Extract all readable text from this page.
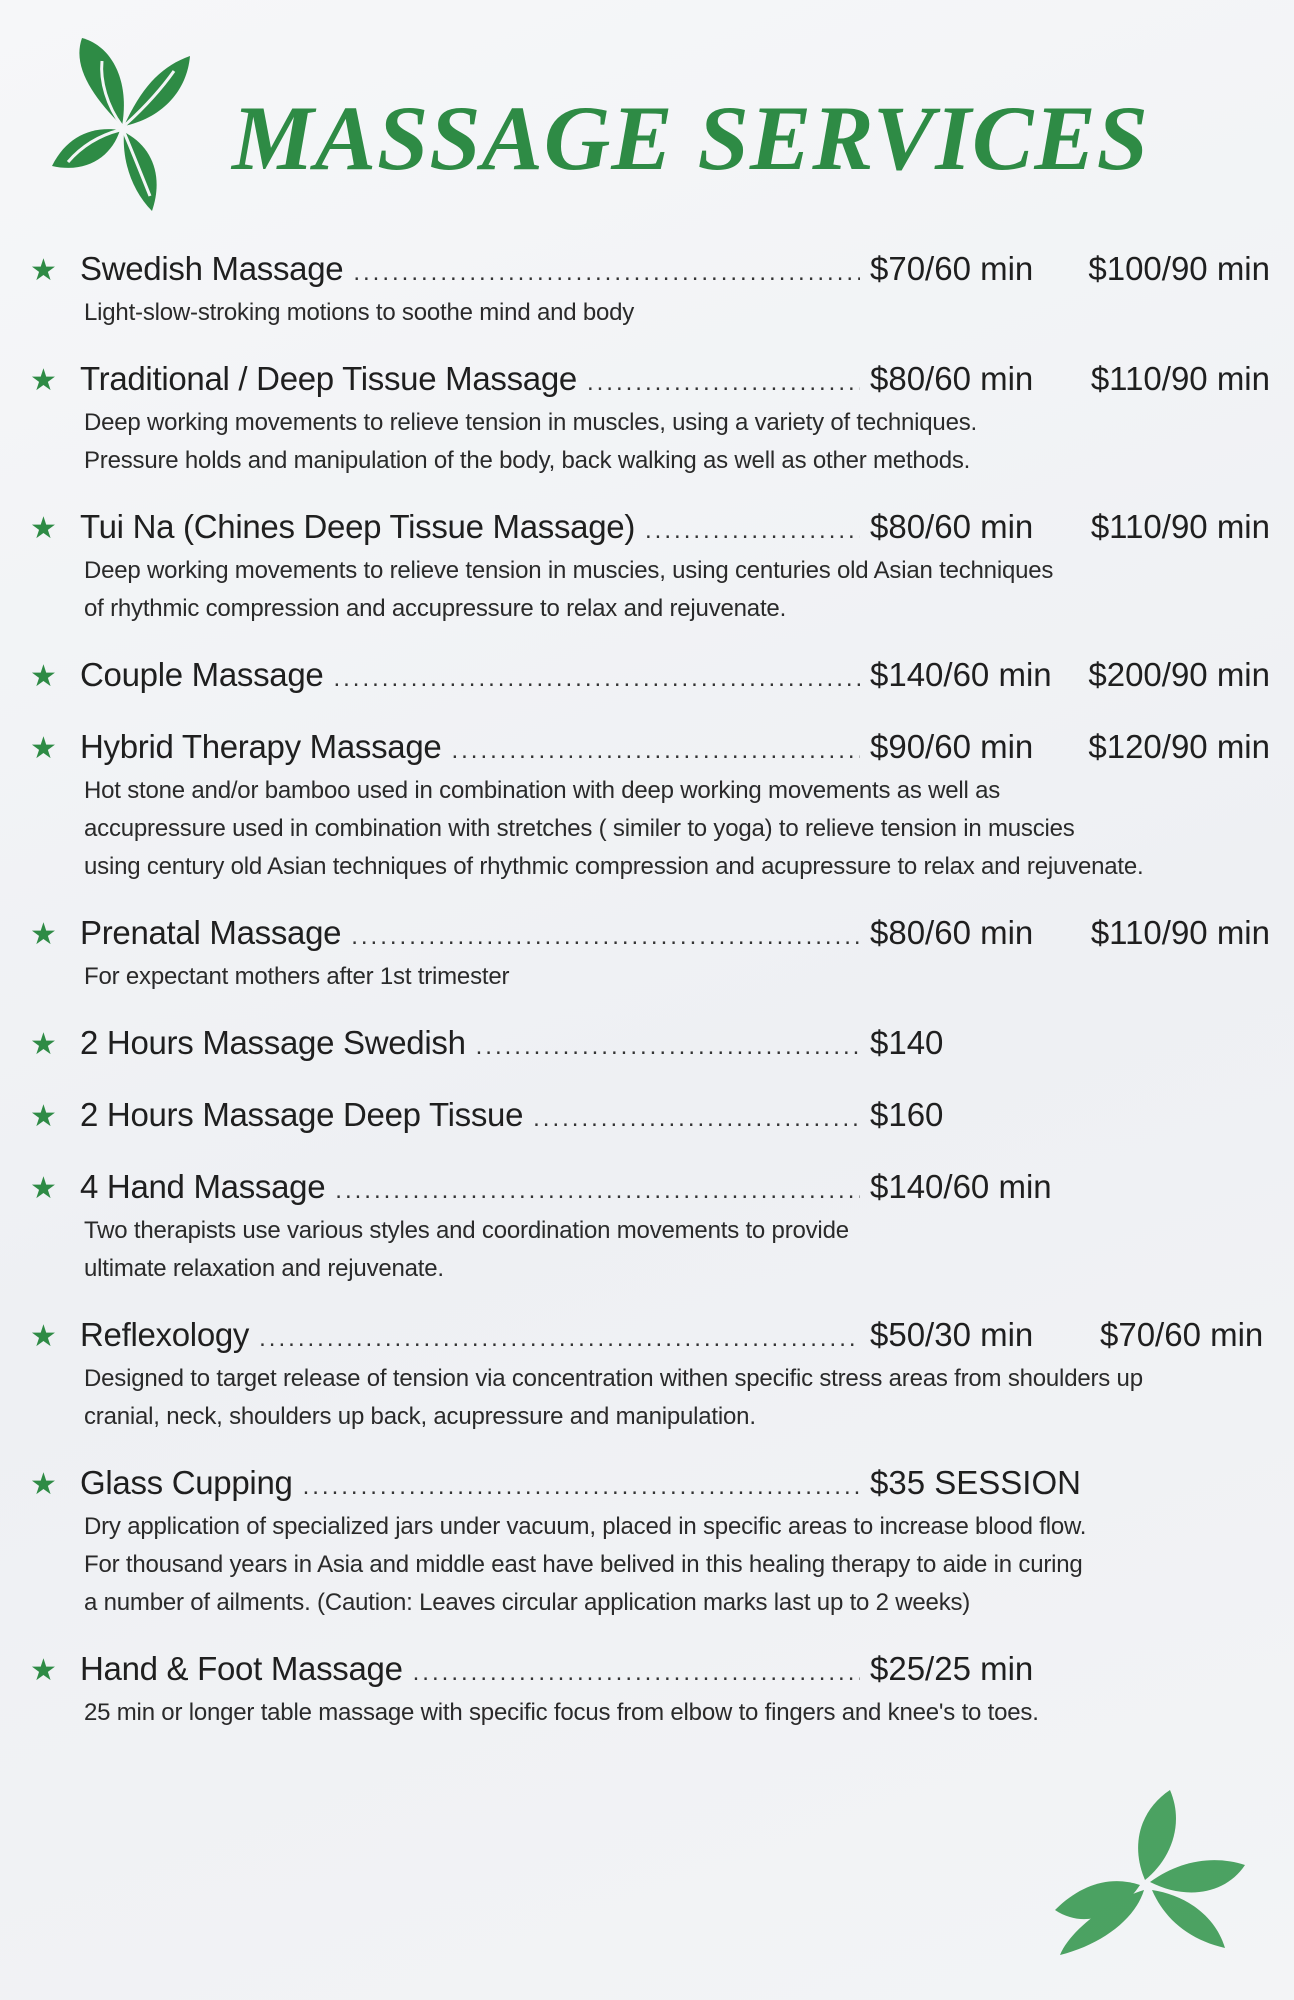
MASSAGE SERVICES
★ Swedish Massage .....	$70/60 min	$100/90 min
Light-slow-stroking motions to soothe mind and body
★ Traditional / Deep Tissue Massage .....	$80/60 min	$110/90 min
Deep working movements to relieve tension in muscles, using a variety of techniques.
Pressure holds and manipulation of the body, back walking as well as other methods.
★ Tui Na (Chines Deep Tissue Massage) .....	$80/60 min	$110/90 min
Deep working movements to relieve tension in muscies, using centuries old Asian techniques
of rhythmic compression and accupressure to relax and rejuvenate.
★ Couple Massage .....	$140/60 min	$200/90 min
★ Hybrid Therapy Massage .....	$90/60 min	$120/90 min
Hot stone and/or bamboo used in combination with deep working movements as well as
accupressure used in combination with stretches ( similer to yoga) to relieve tension in muscies
using century old Asian techniques of rhythmic compression and acupressure to relax and rejuvenate.
★ Prenatal Massage .....	$80/60 min	$110/90 min
For expectant mothers after 1st trimester
★ 2 Hours Massage Swedish .....	$140
★ 2 Hours Massage Deep Tissue .....	$160
★ 4 Hand Massage .....	$140/60 min
Two therapists use various styles and coordination movements to provide
ultimate relaxation and rejuvenate.
★ Reflexology .....	$50/30 min	$70/60 min
Designed to target release of tension via concentration withen specific stress areas from shoulders up
cranial, neck, shoulders up back, acupressure and manipulation.
★ Glass Cupping .....	$35 SESSION
Dry application of specialized jars under vacuum, placed in specific areas to increase blood flow.
For thousand years in Asia and middle east have belived in this healing therapy to aide in curing
a number of ailments. (Caution: Leaves circular application marks last up to 2 weeks)
★ Hand & Foot Massage .....	$25/25 min
25 min or longer table massage with specific focus from elbow to fingers and knee's to toes.
